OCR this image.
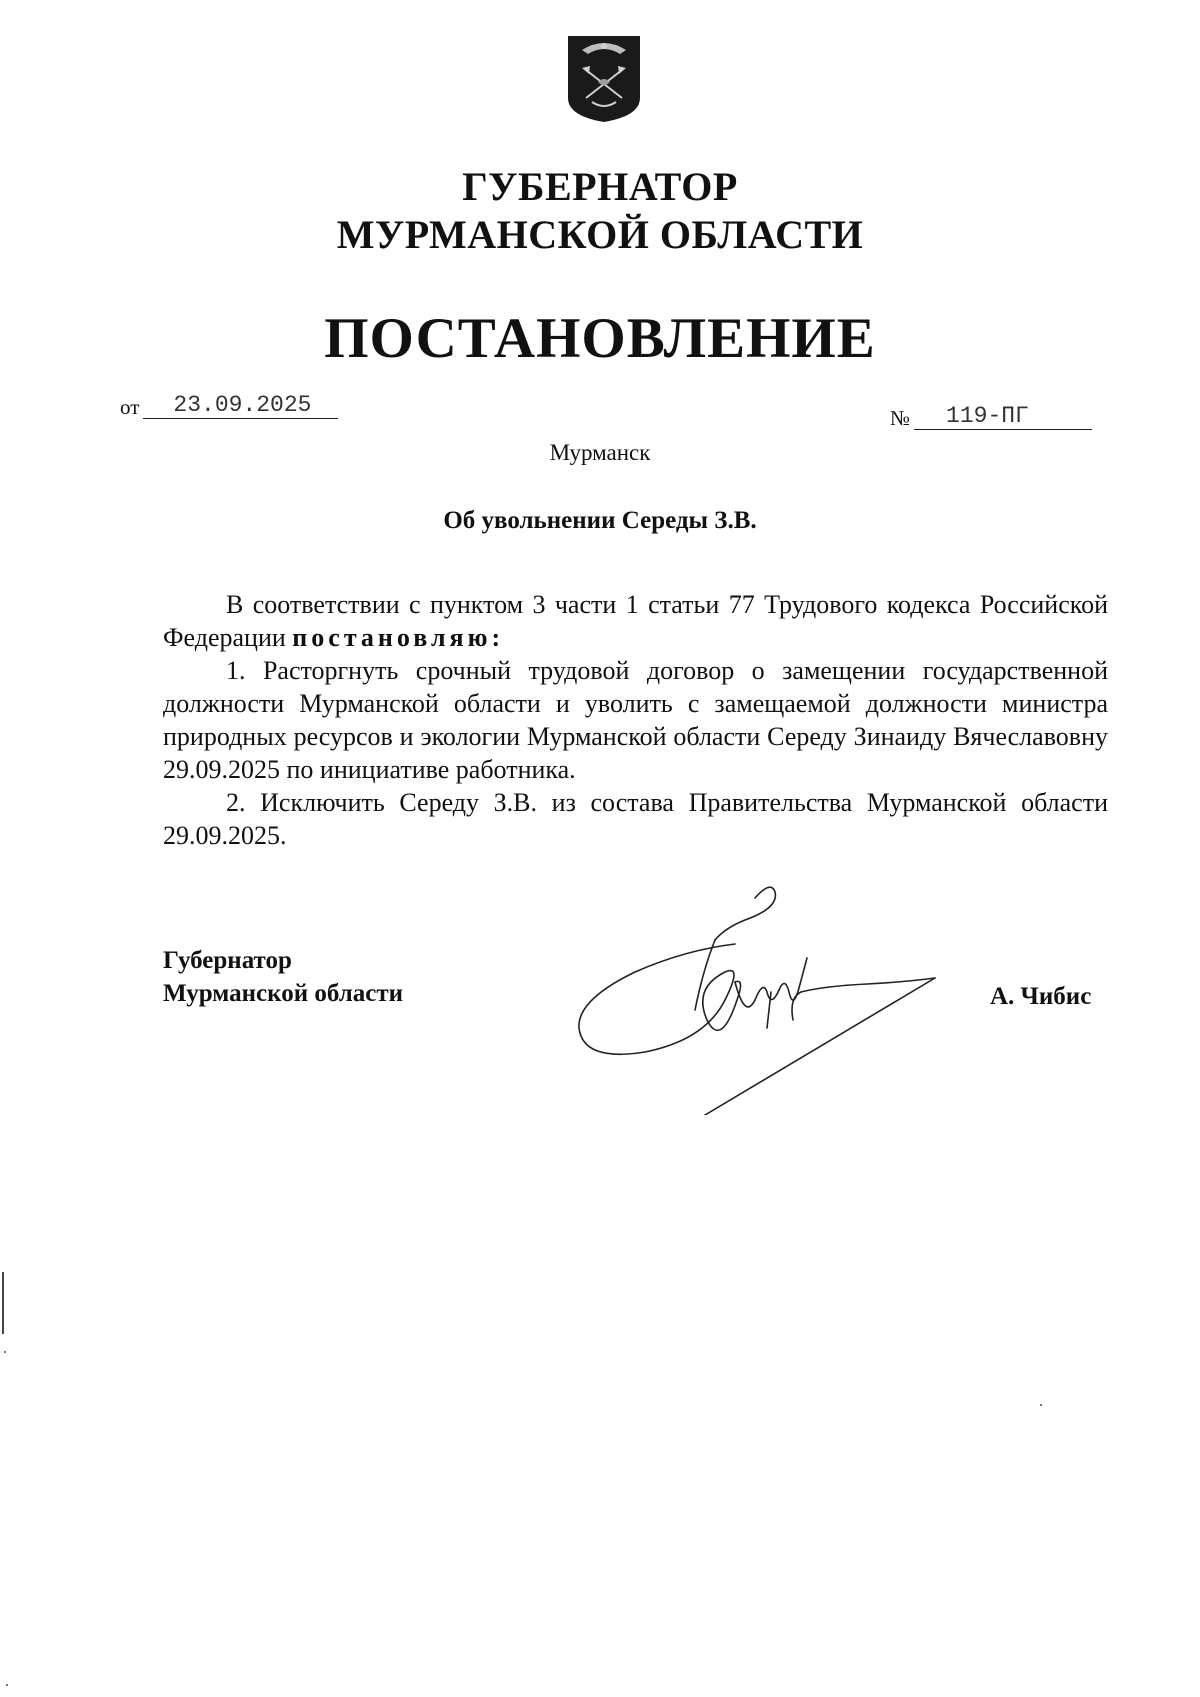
ГУБЕРНАТОР
МУРМАНСКОЙ ОБЛАСТИ
ПОСТАНОВЛЕНИЕ
от	23.09.2025	№	119-ПГ
Мурманск
Об увольнении Середы З.В.

В соответствии с пунктом 3 части 1 статьи 77 Трудового кодекса Российской Федерации постановляю:

1. Расторгнуть срочный трудовой договор о замещении государственной должности Мурманской области и уволить с замещаемой должности министра природных ресурсов и экологии Мурманской области Середу Зинаиду Вячеславовну 29.09.2025 по инициативе работника.

2. Исключить Середу З.В. из состава Правительства Мурманской области 29.09.2025.

Губернатор
Мурманской области	А. Чибис
